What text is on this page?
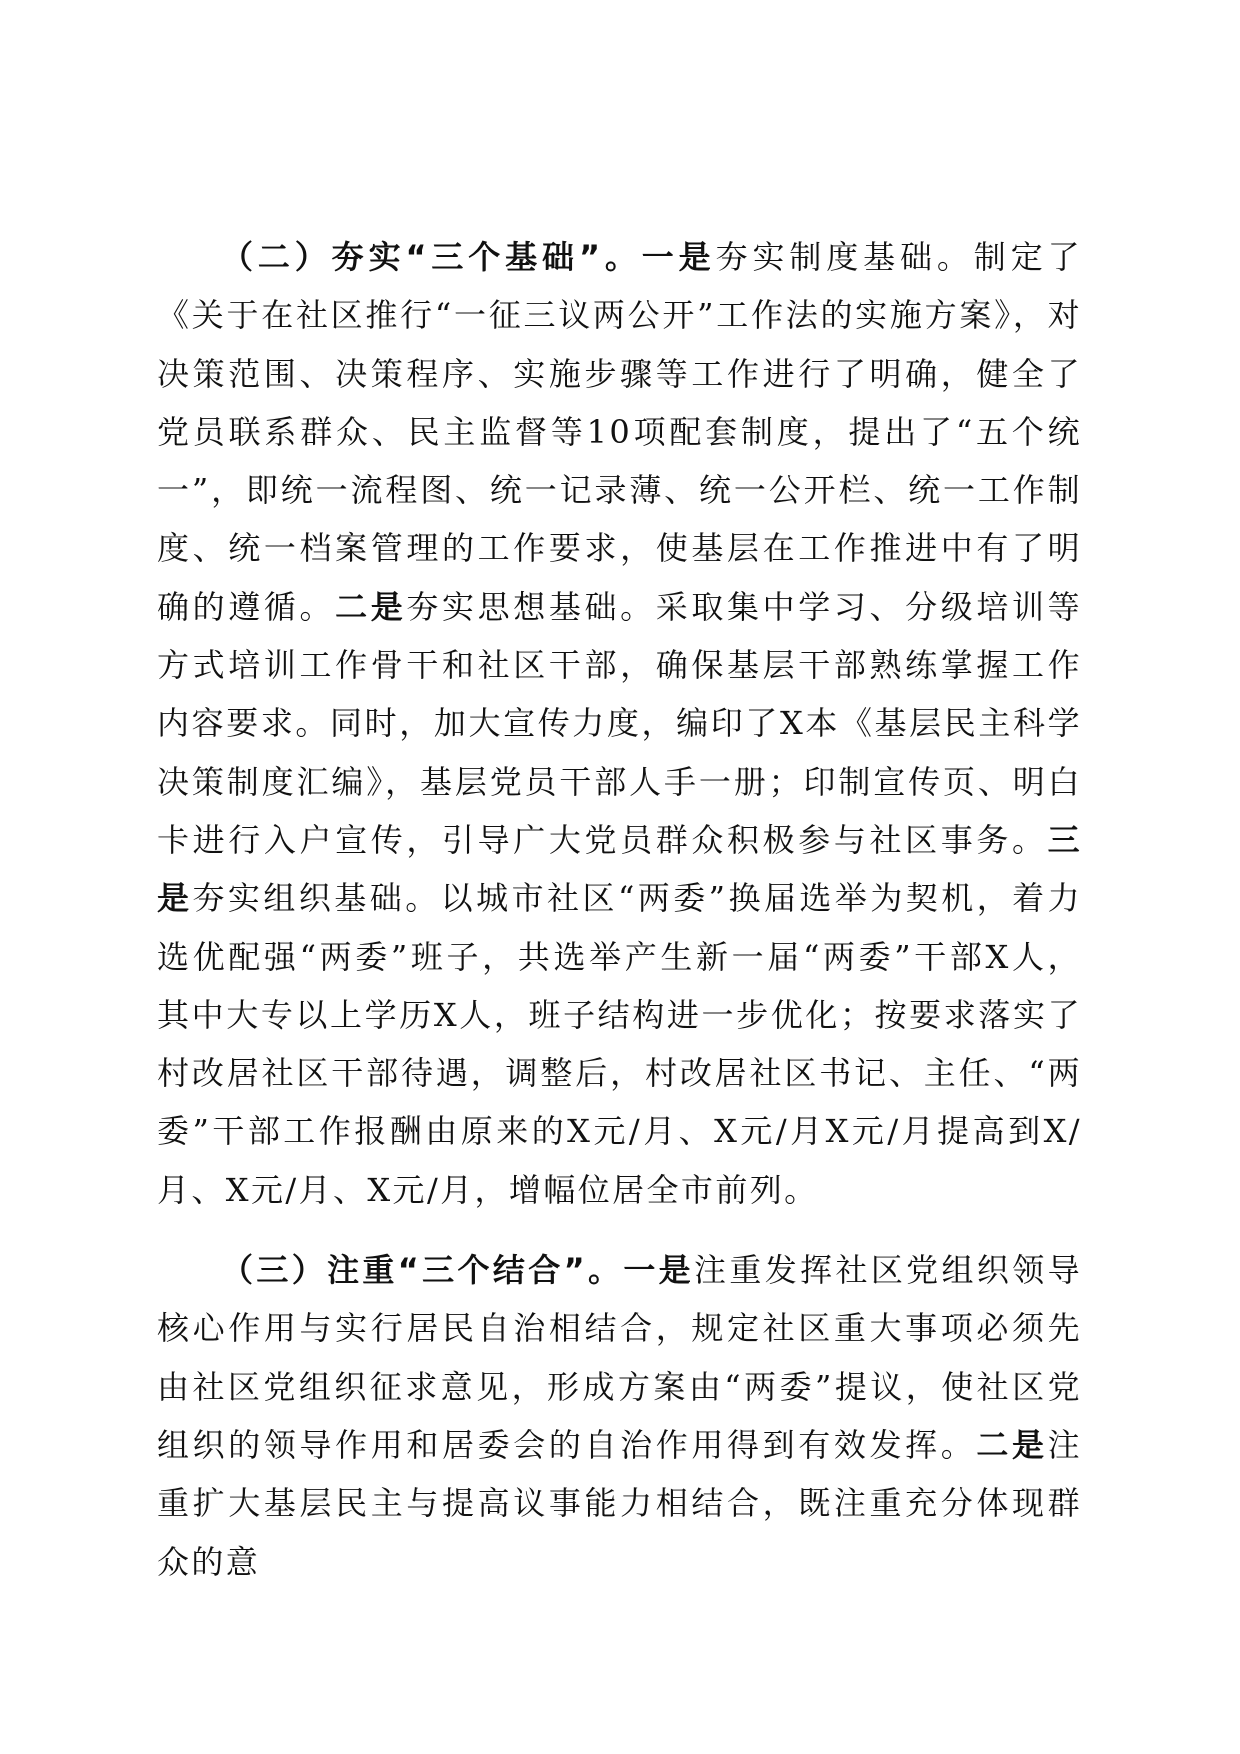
（二）夯实“三个基础”。一是夯实制度基础。制定了《关于在社区推行“一征三议两公开”工作法的实施方案》，对决策范围、决策程序、实施步骤等工作进行了明确，健全了党员联系群众、民主监督等10项配套制度，提出了“五个统一”，即统一流程图、统一记录薄、统一公开栏、统一工作制度、统一档案管理的工作要求，使基层在工作推进中有了明确的遵循。二是夯实思想基础。采取集中学习、分级培训等方式培训工作骨干和社区干部，确保基层干部熟练掌握工作内容要求。同时，加大宣传力度，编印了X本《基层民主科学决策制度汇编》，基层党员干部人手一册；印制宣传页、明白卡进行入户宣传，引导广大党员群众积极参与社区事务。三是夯实组织基础。以城市社区“两委”换届选举为契机，着力选优配强“两委”班子，共选举产生新一届“两委”干部X人，其中大专以上学历X人，班子结构进一步优化；按要求落实了村改居社区干部待遇，调整后，村改居社区书记、主任、“两委”干部工作报酬由原来的X元/月、X元/月X元/月提高到X/月、X元/月、X元/月，增幅位居全市前列。

（三）注重“三个结合”。一是注重发挥社区党组织领导核心作用与实行居民自治相结合，规定社区重大事项必须先由社区党组织征求意见，形成方案由“两委”提议，使社区党组织的领导作用和居委会的自治作用得到有效发挥。二是注重扩大基层民主与提高议事能力相结合，既注重充分体现群众的意
